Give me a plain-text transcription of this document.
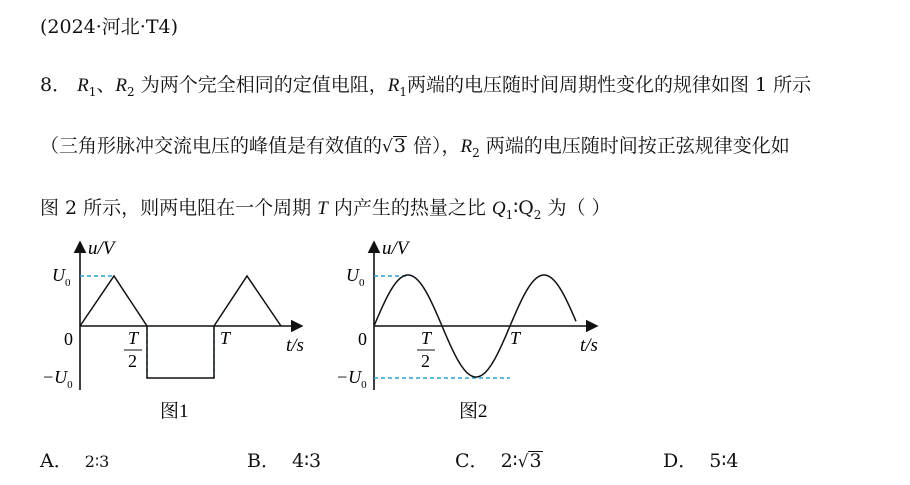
(2024·河北·T4)
8． $R_1$、$R_2$ 为两个完全相同的定值电阻，$R_1$两端的电压随时间周期性变化的规律如图 1 所示
（三角形脉冲交流电压的峰值是有效值的√3 倍），$R_2$ 两端的电压随时间按正弦规律变化如
图 2 所示，则两电阻在一个周期 T 内产生的热量之比 $Q_1∶Q_2$ 为（ ）
u/V
$U_0$
0	T
2
T
$-U_0$
t/s
图1
u/V
$U_0$
0	T
2
T
$-U_0$
t/s
图2
A． 2∶3	B． 4∶3	C． 2∶√3	D． 5∶4
